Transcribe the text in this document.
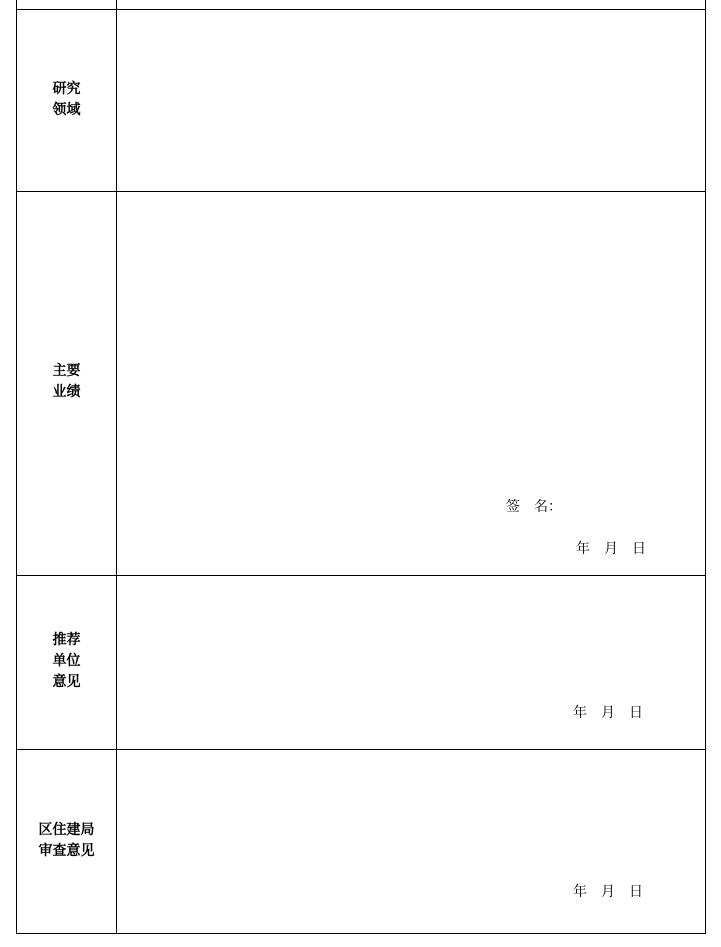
研究
领域
主要
业绩
签　名：
年　月　日
推荐
单位
意见
年　月　日
区住建局
审查意见
年　月　日
